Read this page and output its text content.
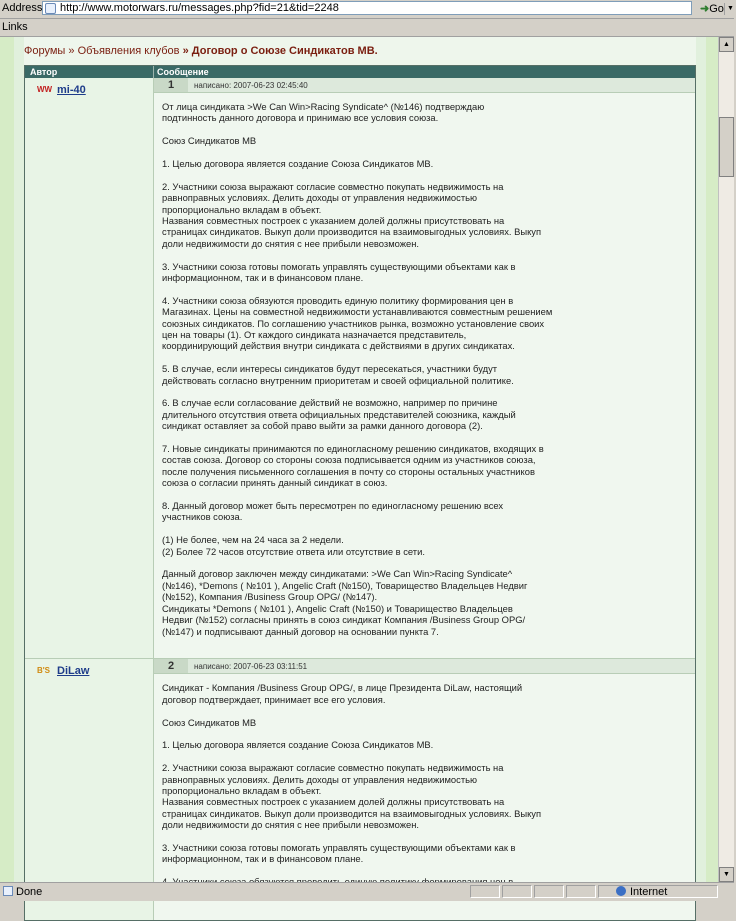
Address http://www.motorwars.ru/messages.php?fid=21&tid=2248	▼
➜Go
Links
Форумы » Объявления клубов » Договор о Союзе Синдикатов МВ.
Автор	Сообщение
WW mi-40	1	написано: 2007-06-23 02:45:40

От лица синдиката >We Can Win>Racing Syndicate^ (№146) подтверждаю
подтинность данного договора и принимаю все условия союза.

Союз Синдикатов МВ

1. Целью договора является создание Союза Синдикатов МВ.

2. Участники союза выражают согласие совместно покупать недвижимость на
равноправных условиях. Делить доходы от управления недвижимостью
пропорционально вкладам в объект.
Названия совместных построек с указанием долей должны присутствовать на
страницах синдикатов. Выкуп доли производится на взаимовыгодных условиях. Выкуп
доли недвижимости до снятия с нее прибыли невозможен.

3. Участники союза готовы помогать управлять существующими объектами как в
информационном, так и в финансовом плане.

4. Участники союза обязуются проводить единую политику формирования цен в
Магазинах. Цены на совместной недвижимости устанавливаются совместным решением
союзных синдикатов. По соглашению участников рынка, возможно установление своих
цен на товары (1). От каждого синдиката назначается представитель,
координирующий действия внутри синдиката с действиями в других синдикатах.

5. В случае, если интересы синдикатов будут пересекаться, участники будут
действовать согласно внутренним приоритетам и своей официальной политике.

6. В случае если согласование действий не возможно, например по причине
длительного отсутствия ответа официальных представителей союзника, каждый
синдикат оставляет за собой право выйти за рамки данного договора (2).

7. Новые синдикаты принимаются по единогласному решению синдикатов, входящих в
состав союза. Договор со стороны союза подписывается одним из участников союза,
после получения письменного соглашения в почту со стороны остальных участников
союза о согласии принять данный синдикат в союз.

8. Данный договор может быть пересмотрен по единогласному решению всех
участников союза.

(1) Не более, чем на 24 часа за 2 недели.
(2) Более 72 часов отсутствие ответа или отсутствие в сети.

Данный договор заключен между синдикатами: >We Can Win>Racing Syndicate^
(№146), *Demons ( №101 ), Angelic Craft (№150), Товарищество Владельцев Недвиг
(№152), Компания /Business Group OPG/ (№147).
Синдикаты *Demons ( №101 ), Angelic Craft (№150) и Товарищество Владельцев
Недвиг (№152) согласны принять в союз синдикат Компания /Business Group OPG/
(№147) и подписывают данный договор на основании пункта 7.

B'S DiLaw	2	написано: 2007-06-23 03:11:51

Синдикат - Компания /Business Group OPG/, в лице Президента DiLaw, настоящий
договор подтверждает, принимает все его условия.

Союз Синдикатов МВ

1. Целью договора является создание Союза Синдикатов МВ.

2. Участники союза выражают согласие совместно покупать недвижимость на
равноправных условиях. Делить доходы от управления недвижимостью
пропорционально вкладам в объект.
Названия совместных построек с указанием долей должны присутствовать на
страницах синдикатов. Выкуп доли производится на взаимовыгодных условиях. Выкуп
доли недвижимости до снятия с нее прибыли невозможен.

3. Участники союза готовы помогать управлять существующими объектами как в
информационном, так и в финансовом плане.

▲
▼
Done	Internet
